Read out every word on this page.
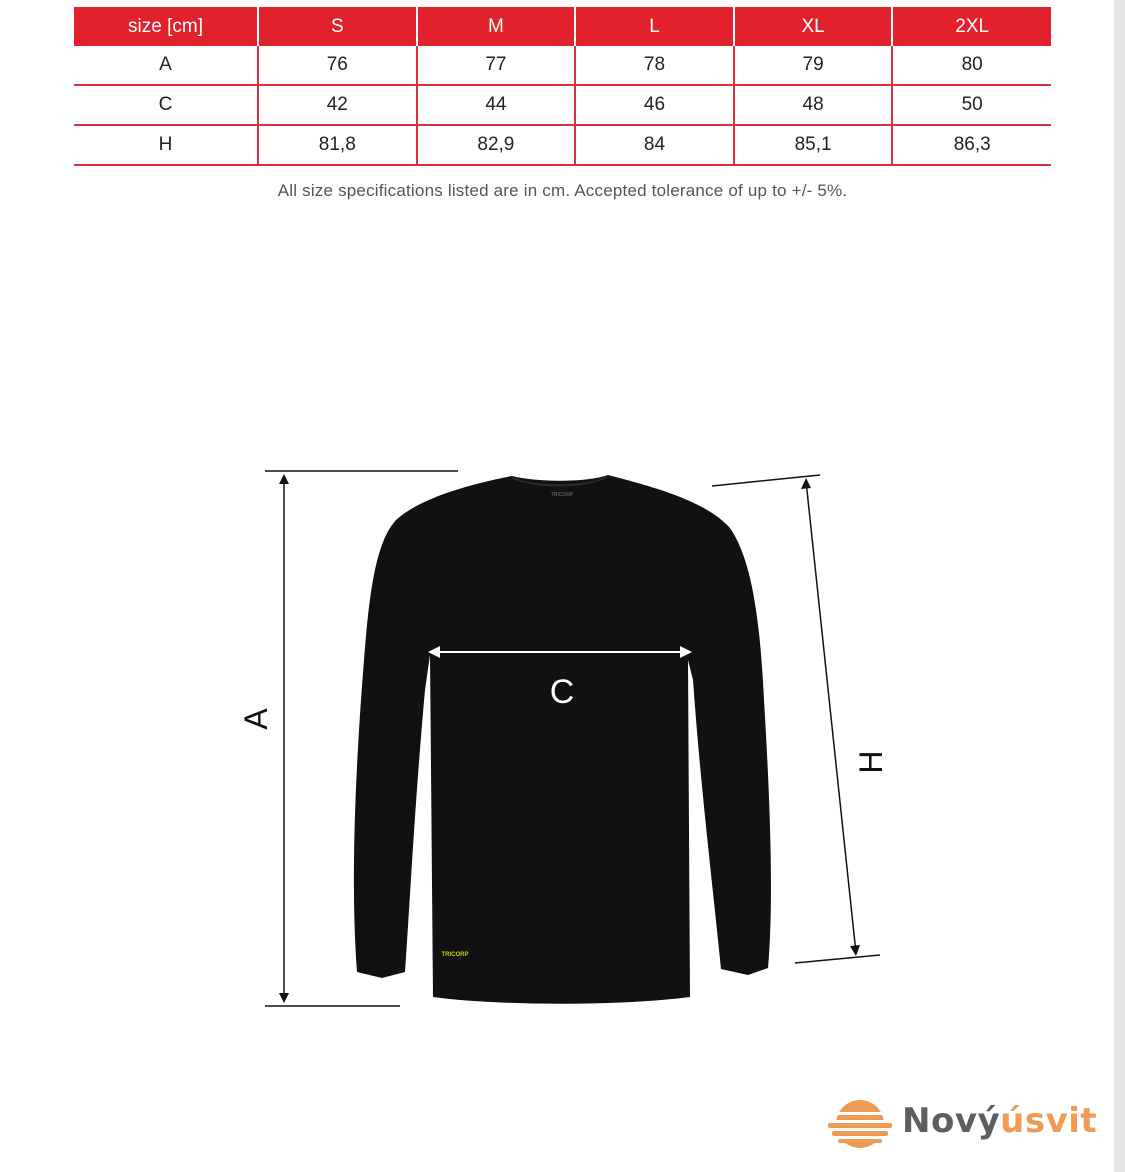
size [cm]	S	M	L	XL	2XL
A	76	77	78	79	80
C	42	44	46	48	50
H	81,8	82,9	84	85,1	86,3
All size specifications listed are in cm. Accepted tolerance of up to +/- 5%.
TRICORP
TRICORP
A
C
H
Novýúsvit
